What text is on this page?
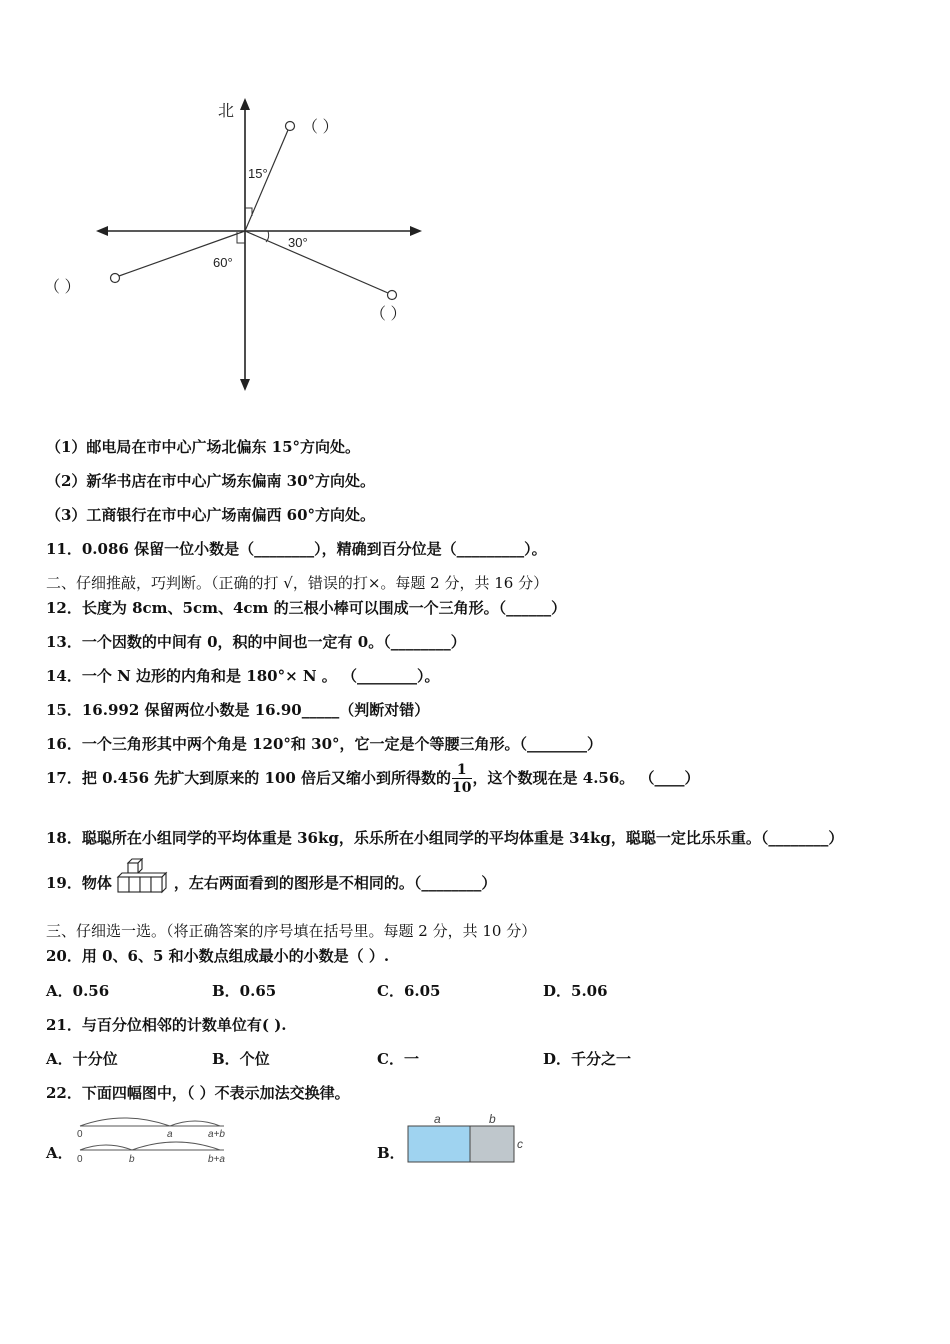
北
15°
30°
60°
（ ）
（ ）
（ ）
（1）邮电局在市中心广场北偏东 15°方向处。
（2）新华书店在市中心广场东偏南 30°方向处。
（3）工商银行在市中心广场南偏西 60°方向处。
11．0.086 保留一位小数是（________），精确到百分位是（_________）。
二、仔细推敲，巧判断。（正确的打 √，错误的打×。每题 2 分，共 16 分）
12．长度为 8cm、5cm、4cm 的三根小棒可以围成一个三角形。（______）
13．一个因数的中间有 0，积的中间也一定有 0。（________）
14．一个 N 边形的内角和是 180°× N 。 （________）。
15．16.992 保留两位小数是 16.90_____（判断对错）
16．一个三角形其中两个角是 120°和 30°，它一定是个等腰三角形。（________）
17．把 0.456 先扩大到原来的 100 倍后又缩小到所得数的 $\frac{1}{10}$ ，这个数现在是 4.56。 （____）
18．聪聪所在小组同学的平均体重是 36kg，乐乐所在小组同学的平均体重是 34kg，聪聪一定比乐乐重。（________）
19．物体	，左右两面看到的图形是不相同的。（________）
三、仔细选一选。（将正确答案的序号填在括号里。每题 2 分，共 10 分）
20．用 0、6、5 和小数点组成最小的小数是（ ）.
A．0.56	B．0.65	C．6.05	D．5.06
21．与百分位相邻的计数单位有( ).
A．十分位	B．个位	C．一	D．千分之一
22．下面四幅图中，（ ）不表示加法交换律。
A．
0	a	a+b
0	b	b+a	B．
a	b
c
